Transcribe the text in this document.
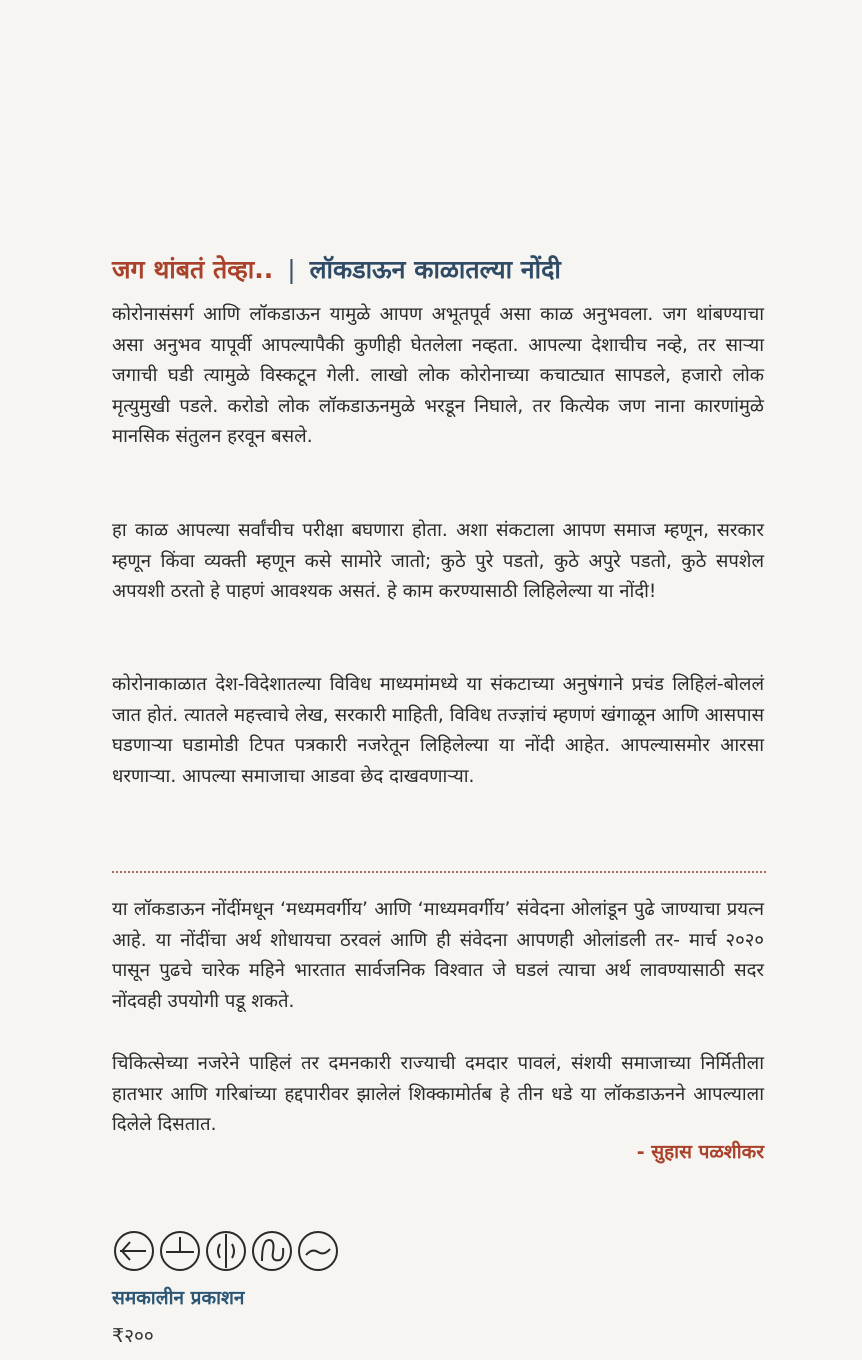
जग थांबतं तेव्हा.. | लॉकडाऊन काळातल्या नोंदी

कोरोनासंसर्ग आणि लॉकडाऊन यामुळे आपण अभूतपूर्व असा काळ अनुभवला. जग थांबण्याचा असा अनुभव यापूर्वी आपल्यापैकी कुणीही घेतलेला नव्हता. आपल्या देशाचीच नव्हे, तर साऱ्या जगाची घडी त्यामुळे विस्कटून गेली. लाखो लोक कोरोनाच्या कचाट्यात सापडले, हजारो लोक मृत्युमुखी पडले. करोडो लोक लॉकडाऊनमुळे भरडून निघाले, तर कित्येक जण नाना कारणांमुळे मानसिक संतुलन हरवून बसले.

हा काळ आपल्या सर्वांचीच परीक्षा बघणारा होता. अशा संकटाला आपण समाज म्हणून, सरकार म्हणून किंवा व्यक्ती म्हणून कसे सामोरे जातो; कुठे पुरे पडतो, कुठे अपुरे पडतो, कुठे सपशेल अपयशी ठरतो हे पाहणं आवश्यक असतं. हे काम करण्यासाठी लिहिलेल्या या नोंदी!

कोरोनाकाळात देश-विदेशातल्या विविध माध्यमांमध्ये या संकटाच्या अनुषंगाने प्रचंड लिहिलं-बोललं जात होतं. त्यातले महत्त्वाचे लेख, सरकारी माहिती, विविध तज्ज्ञांचं म्हणणं खंगाळून आणि आसपास घडणाऱ्या घडामोडी टिपत पत्रकारी नजरेतून लिहिलेल्या या नोंदी आहेत. आपल्यासमोर आरसा धरणाऱ्या. आपल्या समाजाचा आडवा छेद दाखवणाऱ्या.

या लॉकडाऊन नोंदींमधून ‘मध्यमवर्गीय’ आणि ‘माध्यमवर्गीय’ संवेदना ओलांडून पुढे जाण्याचा प्रयत्न आहे. या नोंदींचा अर्थ शोधायचा ठरवलं आणि ही संवेदना आपणही ओलांडली तर- मार्च २०२० पासून पुढचे चारेक महिने भारतात सार्वजनिक विश्वात जे घडलं त्याचा अर्थ लावण्यासाठी सदर नोंदवही उपयोगी पडू शकते.

चिकित्सेच्या नजरेने पाहिलं तर दमनकारी राज्याची दमदार पावलं, संशयी समाजाच्या निर्मितीला हातभार आणि गरिबांच्या हद्दपारीवर झालेलं शिक्कामोर्तब हे तीन धडे या लॉकडाऊनने आपल्याला दिलेले दिसतात.

- सुहास पळशीकर
समकालीन प्रकाशन
₹२००
